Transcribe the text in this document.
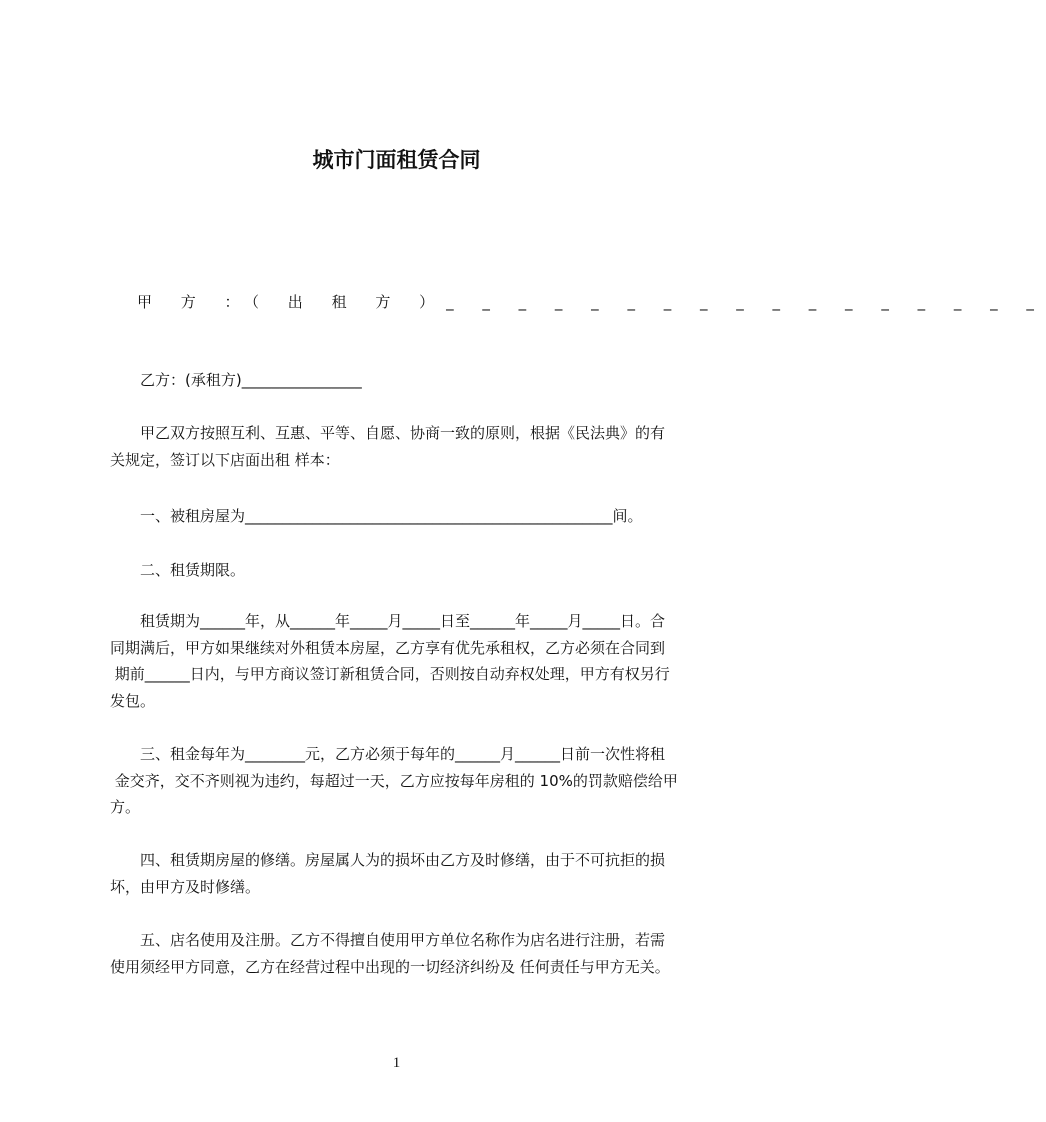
城市门面租赁合同
甲 方 ：（ 出 租 方 ）_ _ _ _ _ _ _ _ _ _ _ _ _ _ _ _ _
　　乙方：(承租方)________________
　　甲乙双方按照互利、互惠、平等、自愿、协商一致的原则，根据《民法典》的有
关规定，签订以下店面出租 样本：
　　一、被租房屋为_________________________________________________间。
　　二、租赁期限。
　　租赁期为______年，从______年_____月_____日至______年_____月_____日。合
同期满后，甲方如果继续对外租赁本房屋，乙方享有优先承租权，乙方必须在合同到
期前______日内，与甲方商议签订新租赁合同，否则按自动弃权处理，甲方有权另行
发包。
　　三、租金每年为________元，乙方必须于每年的______月______日前一次性将租
金交齐，交不齐则视为违约，每超过一天，乙方应按每年房租的 10%的罚款赔偿给甲
方。
　　四、租赁期房屋的修缮。房屋属人为的损坏由乙方及时修缮，由于不可抗拒的损
坏，由甲方及时修缮。
　　五、店名使用及注册。乙方不得擅自使用甲方单位名称作为店名进行注册，若需
使用须经甲方同意，乙方在经营过程中出现的一切经济纠纷及 任何责任与甲方无关。
1
